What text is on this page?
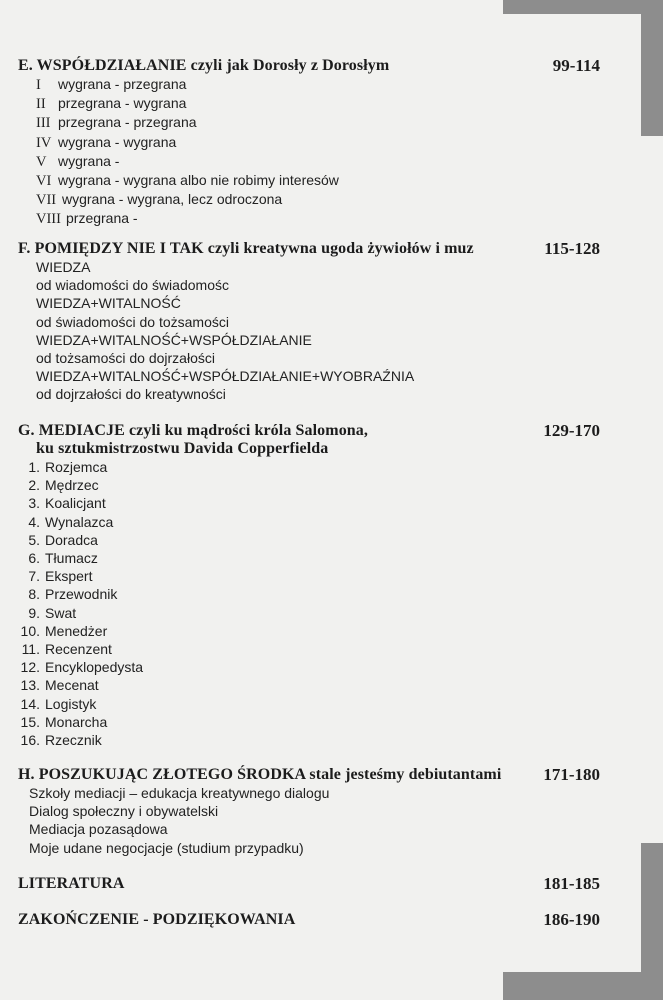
E. WSPÓŁDZIAŁANIE czyli jak Dorosły z Dorosłym	99-114
I wygrana - przegrana
II przegrana - wygrana
III przegrana - przegrana
IV wygrana - wygrana
V wygrana -
VI wygrana - wygrana albo nie robimy interesów
VII wygrana - wygrana, lecz odroczona
VIII przegrana -
F. POMIĘDZY NIE I TAK czyli kreatywna ugoda żywiołów i muz	115-128
WIEDZA
od wiadomości do świadomośc
WIEDZA+WITALNOŚĆ
od świadomości do tożsamości
WIEDZA+WITALNOŚĆ+WSPÓŁDZIAŁANIE
od tożsamości do dojrzałości
WIEDZA+WITALNOŚĆ+WSPÓŁDZIAŁANIE+WYOBRAŹNIA
od dojrzałości do kreatywności
G. MEDIACJE czyli ku mądrości króla Salomona,	129-170
ku sztukmistrzostwu Davida Copperfielda
1. Rozjemca
2. Mędrzec
3. Koalicjant
4. Wynalazca
5. Doradca
6. Tłumacz
7. Ekspert
8. Przewodnik
9. Swat
10. Menedżer
11. Recenzent
12. Encyklopedysta
13. Mecenat
14. Logistyk
15. Monarcha
16. Rzecznik
H. POSZUKUJĄC ZŁOTEGO ŚRODKA stale jesteśmy debiutantami 171-180
Szkoły mediacji – edukacja kreatywnego dialogu
Dialog społeczny i obywatelski
Mediacja pozasądowa
Moje udane negocjacje (studium przypadku)
LITERATURA	181-185
ZAKOŃCZENIE - PODZIĘKOWANIA	186-190
